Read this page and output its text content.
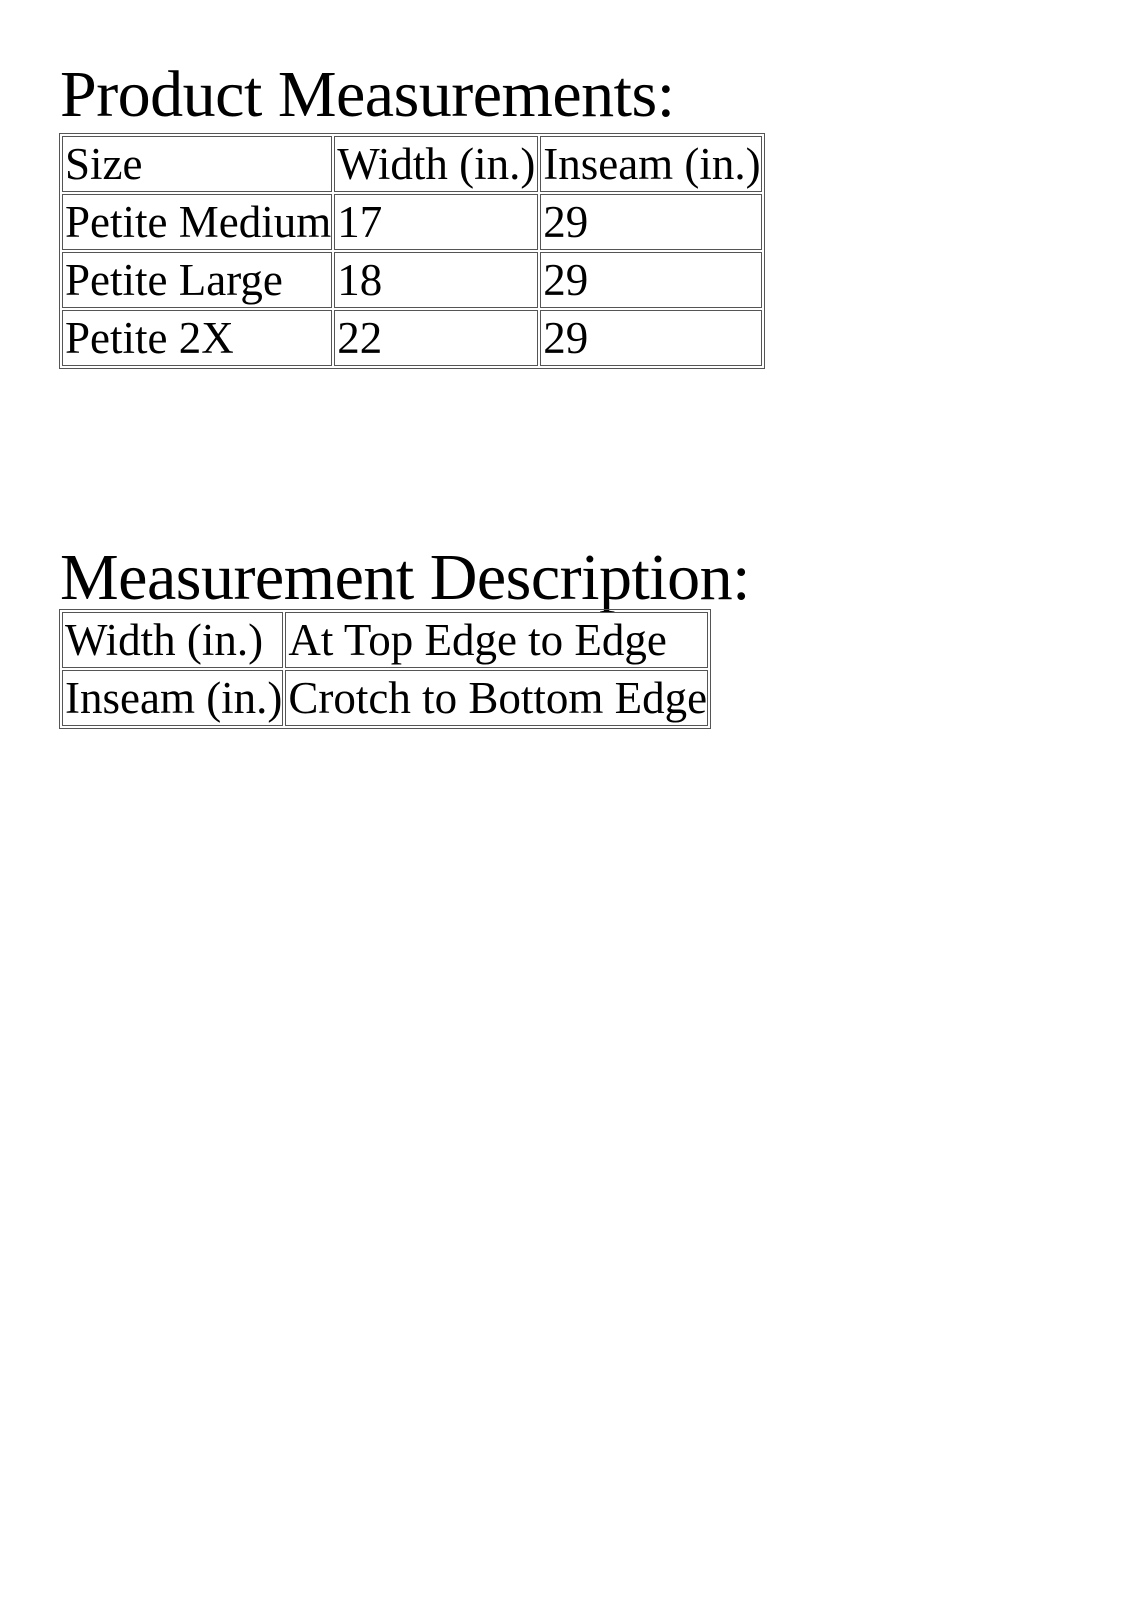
Product Measurements:
Size	Width (in.)	Inseam (in.)
Petite Medium	17	29
Petite Large	18	29
Petite 2X	22	29
Measurement Description:
Width (in.)	At Top Edge to Edge
Inseam (in.)	Crotch to Bottom Edge
